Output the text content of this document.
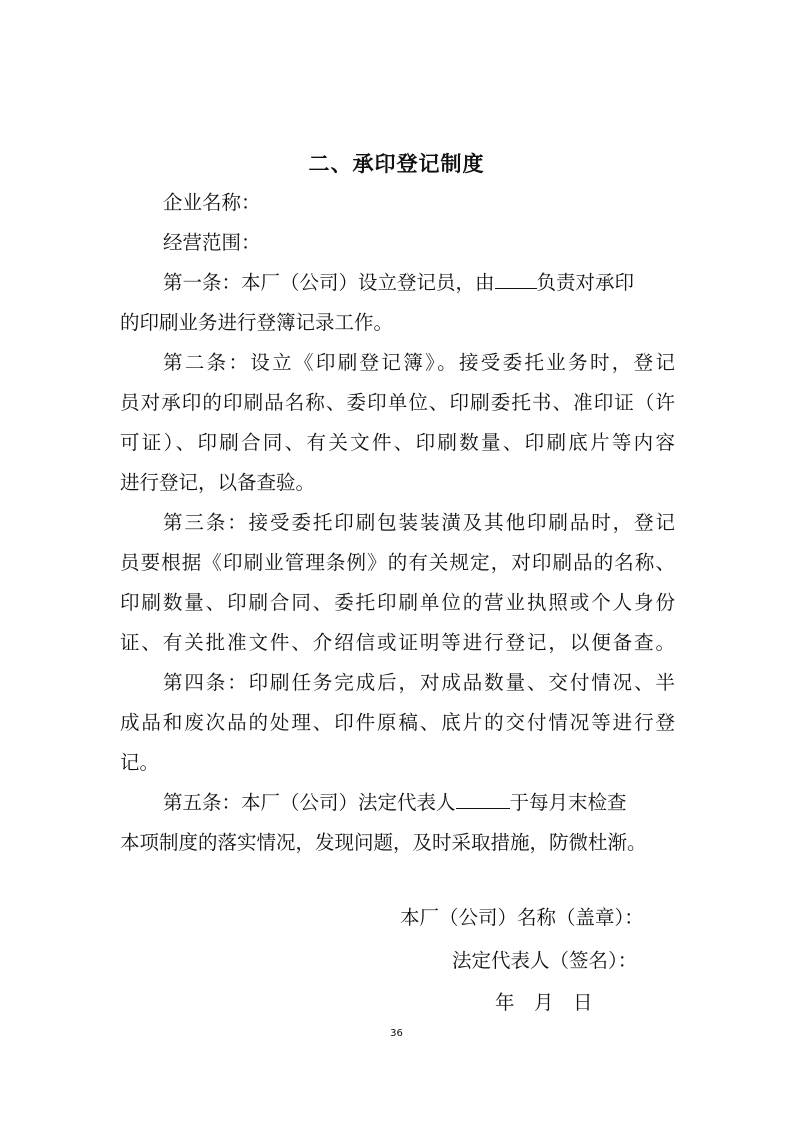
二、承印登记制度
企业名称：
经营范围：
第一条：本厂（公司）设立登记员，由 负责对承印
的印刷业务进行登簿记录工作。
第二条：设立《印刷登记簿》。接受委托业务时，登记
员对承印的印刷品名称、委印单位、印刷委托书、准印证（许
可证）、印刷合同、有关文件、印刷数量、印刷底片等内容
进行登记，以备查验。
第三条：接受委托印刷包装装潢及其他印刷品时，登记
员要根据《印刷业管理条例》的有关规定，对印刷品的名称、
印刷数量、印刷合同、委托印刷单位的营业执照或个人身份
证、有关批准文件、介绍信或证明等进行登记，以便备查。
第四条：印刷任务完成后，对成品数量、交付情况、半
成品和废次品的处理、印件原稿、底片的交付情况等进行登
记。
第五条：本厂（公司）法定代表人	于每月末检查
本项制度的落实情况，发现问题，及时采取措施，防微杜渐。
本厂（公司）名称（盖章）：
法定代表人（签名）：
年　月　日
36
